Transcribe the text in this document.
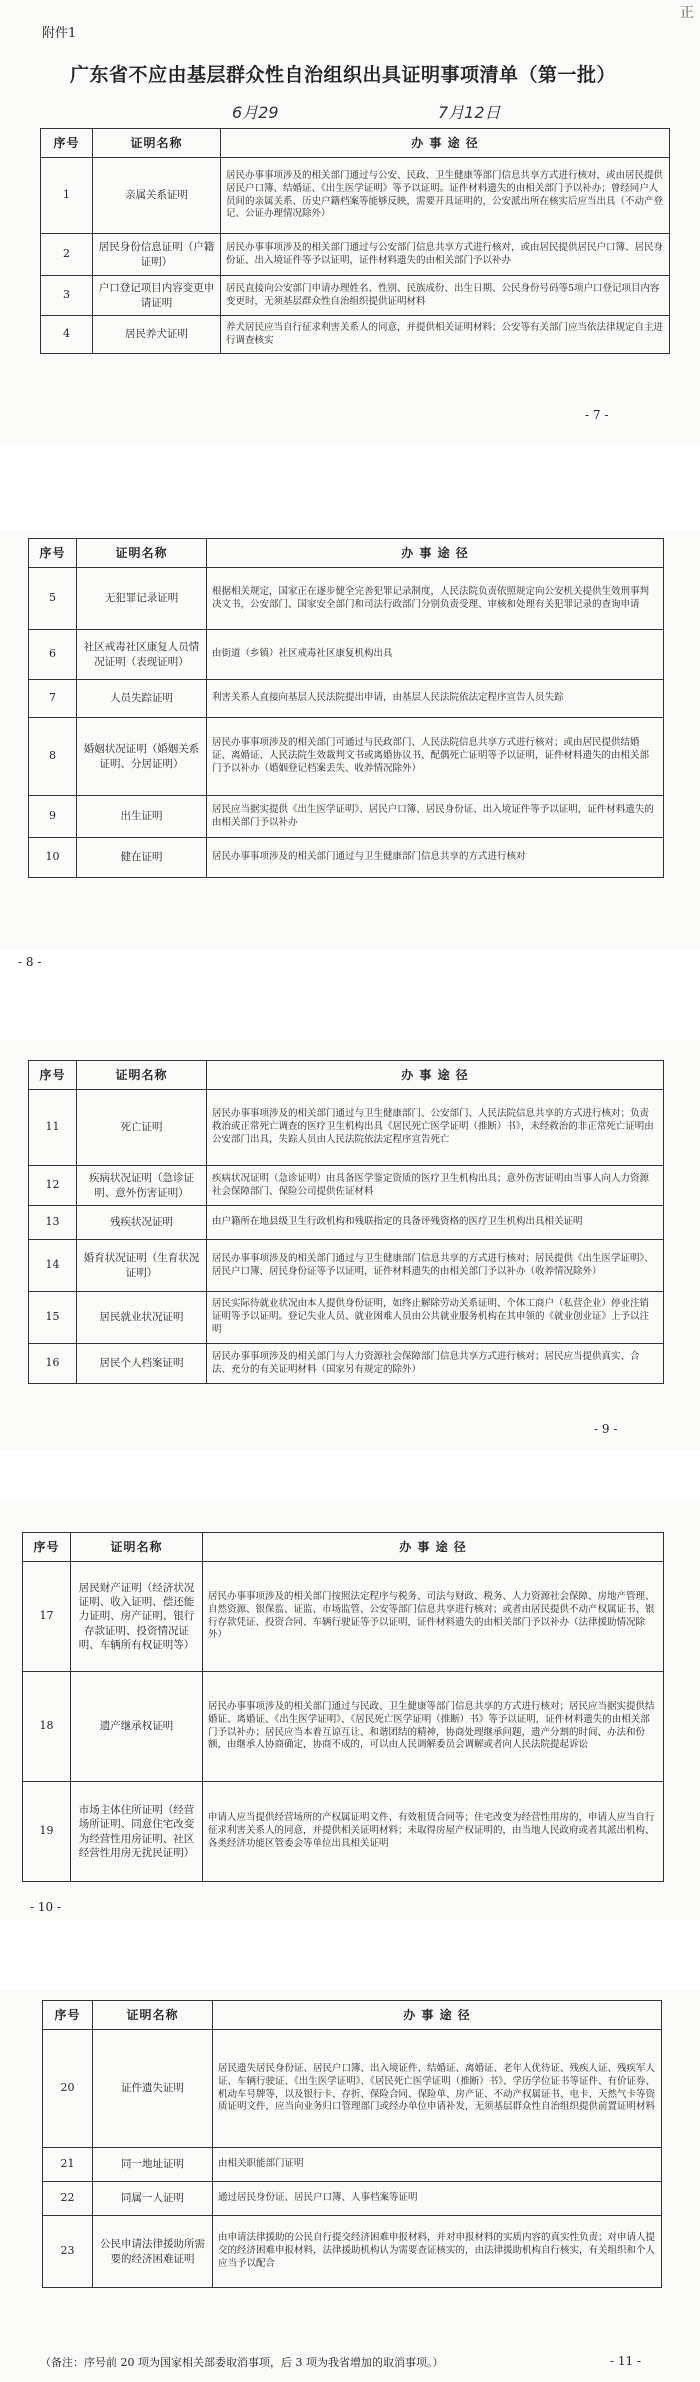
附件1
广东省不应由基层群众性自治组织出具证明事项清单（第一批）
6月29	7月12日
正
序号	证明名称	办 事 途 径
1	亲属关系证明	居民办事事项涉及的相关部门通过与公安、民政、卫生健康等部门信息共享方式进行核对，或由居民提供居民户口簿、结婚证、《出生医学证明》等予以证明。证件材料遗失的由相关部门予以补办；曾经同户人员间的亲属关系、历史户籍档案等能够反映，需要开具证明的，公安派出所在核实后应当出具（不动产登记、公证办理情况除外）
2	居民身份信息证明（户籍证明）	居民办事事项涉及的相关部门通过与公安部门信息共享方式进行核对，或由居民提供居民户口簿、居民身份证、出入境证件等予以证明，证件材料遗失的由相关部门予以补办
3	户口登记项目内容变更申请证明	居民直接向公安部门申请办理姓名、性别、民族成份、出生日期、公民身份号码等5项户口登记项目内容变更时，无须基层群众性自治组织提供证明材料
4	居民养犬证明	养犬居民应当自行征求利害关系人的同意，并提供相关证明材料；公安等有关部门应当依法律规定自主进行调查核实
- 7 -
序号	证明名称	办 事 途 径
5	无犯罪记录证明	根据相关规定，国家正在逐步健全完善犯罪记录制度，人民法院负责依照规定向公安机关提供生效刑事判决文书，公安部门、国家安全部门和司法行政部门分别负责受理、审核和处理有关犯罪记录的查询申请
6	社区戒毒社区康复人员情况证明（表现证明）	由街道（乡镇）社区戒毒社区康复机构出具
7	人员失踪证明	利害关系人直接向基层人民法院提出申请，由基层人民法院依法定程序宣告人员失踪
8	婚姻状况证明（婚姻关系证明、分居证明）	居民办事事项涉及的相关部门可通过与民政部门、人民法院信息共享方式进行核对；或由居民提供结婚证、离婚证、人民法院生效裁判文书或离婚协议书、配偶死亡证明等予以证明，证件材料遗失的由相关部门予以补办（婚姻登记档案丢失、收养情况除外）
9	出生证明	居民应当据实提供《出生医学证明》、居民户口簿、居民身份证、出入境证件等予以证明，证件材料遗失的由相关部门予以补办
10	健在证明	居民办事事项涉及的相关部门通过与卫生健康部门信息共享的方式进行核对
- 8 -
序号	证明名称	办 事 途 径
11	死亡证明	居民办事事项涉及的相关部门通过与卫生健康部门、公安部门、人民法院信息共享的方式进行核对；负责救治或正常死亡调查的医疗卫生机构出具《居民死亡医学证明（推断）书》，未经救治的非正常死亡证明由公安部门出具，失踪人员由人民法院依法定程序宣告死亡
12	疾病状况证明（急诊证明、意外伤害证明）	疾病状况证明（急诊证明）由具备医学鉴定资质的医疗卫生机构出具；意外伤害证明由当事人向人力资源社会保障部门、保险公司提供佐证材料
13	残疾状况证明	由户籍所在地县级卫生行政机构和残联指定的具备评残资格的医疗卫生机构出具相关证明
14	婚育状况证明（生育状况证明）	居民办事事项涉及的相关部门通过与卫生健康部门信息共享的方式进行核对；居民提供《出生医学证明》、居民户口簿、居民身份证等予以证明，证件材料遗失的由相关部门予以补办（收养情况除外）
15	居民就业状况证明	居民实际待就业状况由本人提供身份证明，如终止解除劳动关系证明、个体工商户（私营企业）停业注销证明等予以证明。登记失业人员、就业困难人员由公共就业服务机构在其申领的《就业创业证》上予以注明
16	居民个人档案证明	居民办事事项涉及的相关部门与人力资源社会保障部门信息共享方式进行核对；居民应当提供真实、合法、充分的有关证明材料（国家另有规定的除外）
- 9 -
序号	证明名称	办 事 途 径
17	居民财产证明（经济状况证明、收入证明、偿还能力证明、房产证明、银行存款证明、投资情况证明、车辆所有权证明等）	居民办事事项涉及的相关部门按照法定程序与税务、司法与财政、税务、人力资源社会保障、房地产管理、自然资源、银保监、证监、市场监管、公安等部门信息共享进行核对；或者由居民提供不动产权属证书、银行存款凭证、投资合同、车辆行驶证等予以证明，证件材料遗失的由相关部门予以补办（法律援助情况除外）
18	遗产继承权证明	居民办事事项涉及的相关部门通过与民政、卫生健康等部门信息共享的方式进行核对；居民应当据实提供结婚证、离婚证、《出生医学证明》、《居民死亡医学证明（推断）书》等予以证明，证件材料遗失的由相关部门予以补办；居民应当本着互谅互让、和谐团结的精神，协商处理继承问题，遗产分割的时间、办法和份额，由继承人协商确定，协商不成的，可以由人民调解委员会调解或者向人民法院提起诉讼
19	市场主体住所证明（经营场所证明、同意住宅改变为经营性用房证明、社区经营性用房无扰民证明）	申请人应当提供经营场所的产权属证明文件、有效租赁合同等；住宅改变为经营性用房的，申请人应当自行征求利害关系人的同意，并提供相关证明材料；未取得房屋产权证明的，由当地人民政府或者其派出机构、各类经济功能区管委会等单位出具相关证明
- 10 -
序号	证明名称	办 事 途 径
20	证件遗失证明	居民遗失居民身份证、居民户口簿、出入境证件、结婚证、离婚证、老年人优待证、残疾人证、残疾军人证、车辆行驶证、《出生医学证明》、《居民死亡医学证明（推断）书》、学历学位证书等证件、有价证券、机动车号牌等，以及银行卡、存折、保险合同、保险单、房产证、不动产权属证书、电卡、天然气卡等资质证明文件，应当向业务归口管理部门或经办单位申请补发，无须基层群众性自治组织提供前置证明材料
21	同一地址证明	由相关职能部门证明
22	同属一人证明	通过居民身份证、居民户口簿、人事档案等证明
23	公民申请法律援助所需要的经济困难证明	由申请法律援助的公民自行提交经济困难申报材料，并对申报材料的实质内容的真实性负责；对申请人提交的经济困难申报材料，法律援助机构认为需要查证核实的，由法律援助机构自行核实，有关组织和个人应当予以配合
（备注：序号前 20 项为国家相关部委取消事项，后 3 项为我省增加的取消事项。）	- 11 -
